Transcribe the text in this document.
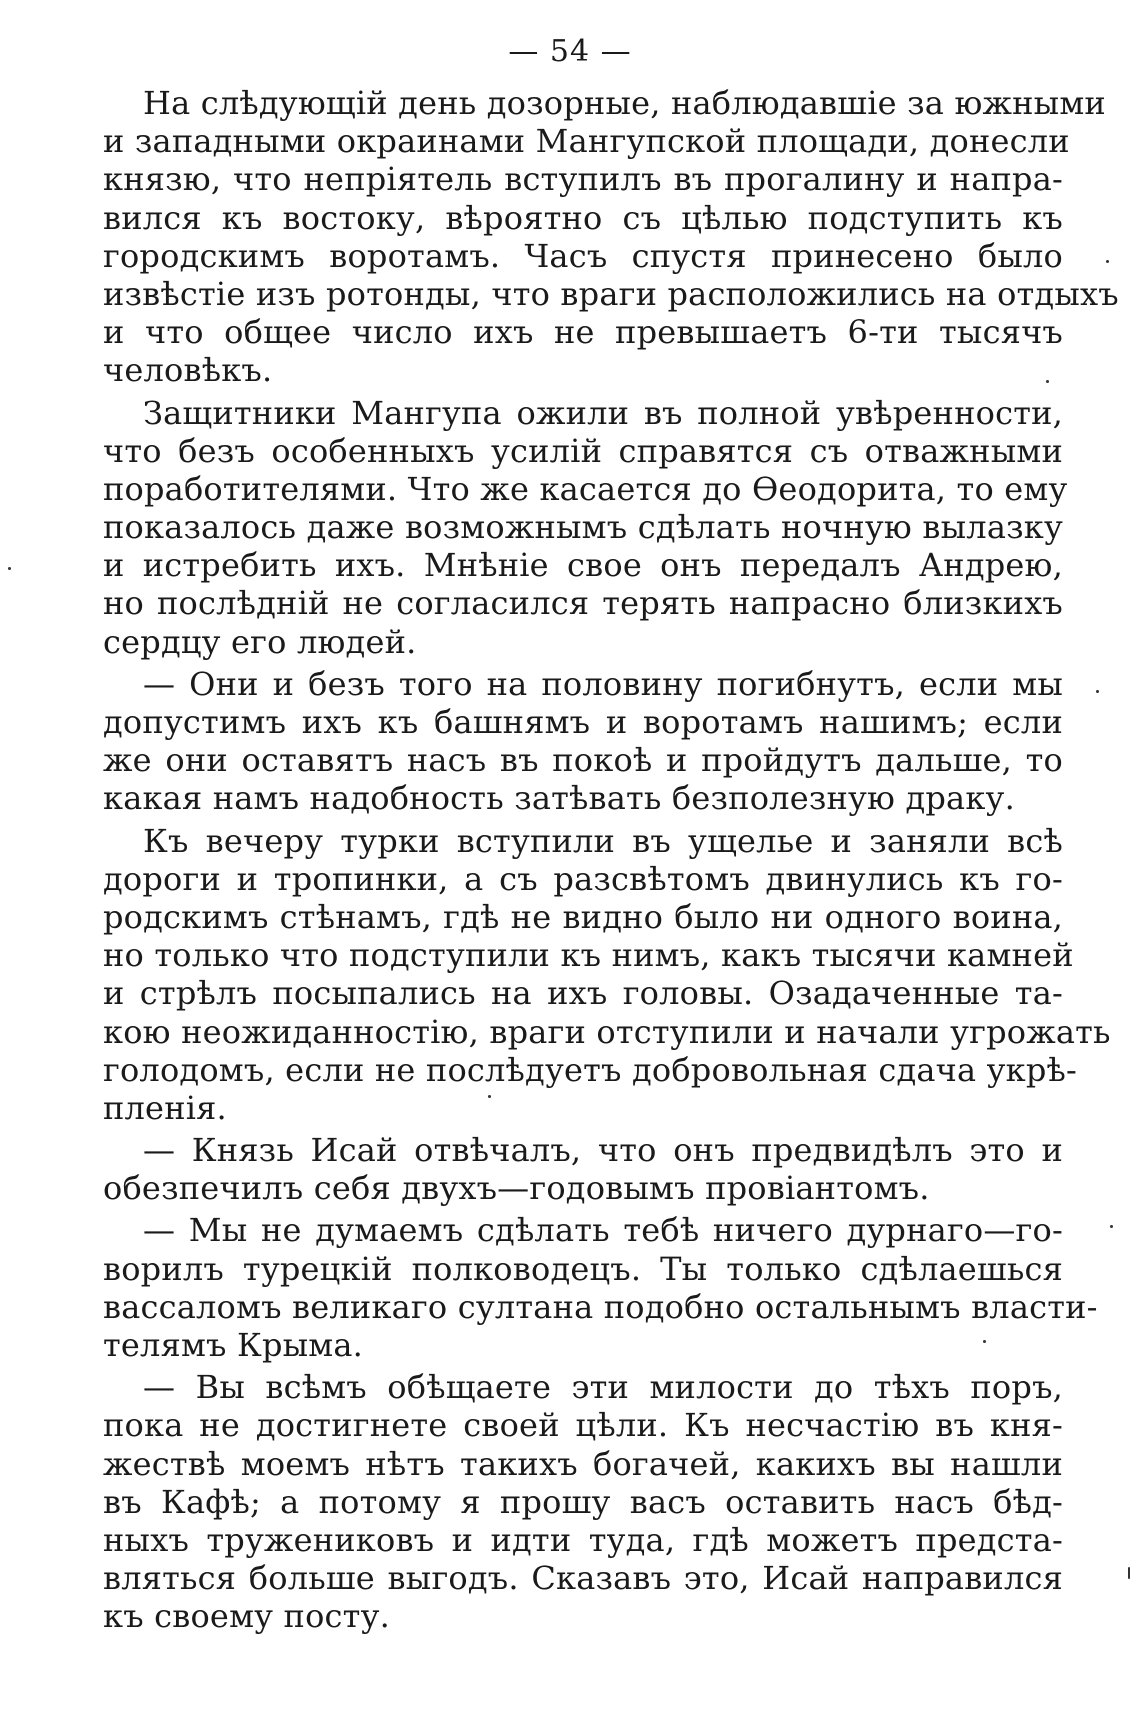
— 54 —
На слѣдующій день дозорные, наблюдавшіе за южными
и западными окраинами Мангупской площади, донесли
князю, что непріятель вступилъ въ прогалину и напра-
вился къ востоку, вѣроятно съ цѣлью подступить къ
городскимъ воротамъ. Часъ спустя принесено было
извѣстіе изъ ротонды, что враги расположились на отдыхъ
и что общее число ихъ не превышаетъ 6-ти тысячъ
человѣкъ.
Защитники Мангупа ожили въ полной увѣренности,
что безъ особенныхъ усилій справятся съ отважными
поработителями. Что же касается до Өеодорита, то ему
показалось даже возможнымъ сдѣлать ночную вылазку
и истребить ихъ. Мнѣніе свое онъ передалъ Андрею,
но послѣдній не согласился терять напрасно близкихъ
сердцу его людей.
— Они и безъ того на половину погибнутъ, если мы
допустимъ ихъ къ башнямъ и воротамъ нашимъ; если
же они оставятъ насъ въ покоѣ и пройдутъ дальше, то
какая намъ надобность затѣвать безполезную драку.
Къ вечеру турки вступили въ ущелье и заняли всѣ
дороги и тропинки, а съ разсвѣтомъ двинулись къ го-
родскимъ стѣнамъ, гдѣ не видно было ни одного воина,
но только что подступили къ нимъ, какъ тысячи камней
и стрѣлъ посыпались на ихъ головы. Озадаченные та-
кою неожиданностію, враги отступили и начали угрожать
голодомъ, если не послѣдуетъ добровольная сдача укрѣ-
пленія.
— Князь Исай отвѣчалъ, что онъ предвидѣлъ это и
обезпечилъ себя двухъ—годовымъ провіантомъ.
— Мы не думаемъ сдѣлать тебѣ ничего дурнаго—го-
ворилъ турецкій полководецъ. Ты только сдѣлаешься
вассаломъ великаго султана подобно остальнымъ власти-
телямъ Крыма.
— Вы всѣмъ обѣщаете эти милости до тѣхъ поръ,
пока не достигнете своей цѣли. Къ несчастію въ кня-
жествѣ моемъ нѣтъ такихъ богачей, какихъ вы нашли
въ Кафѣ; а потому я прошу васъ оставить насъ бѣд-
ныхъ тружениковъ и идти туда, гдѣ можетъ предста-
вляться больше выгодъ. Сказавъ это, Исай направился
къ своему посту.
